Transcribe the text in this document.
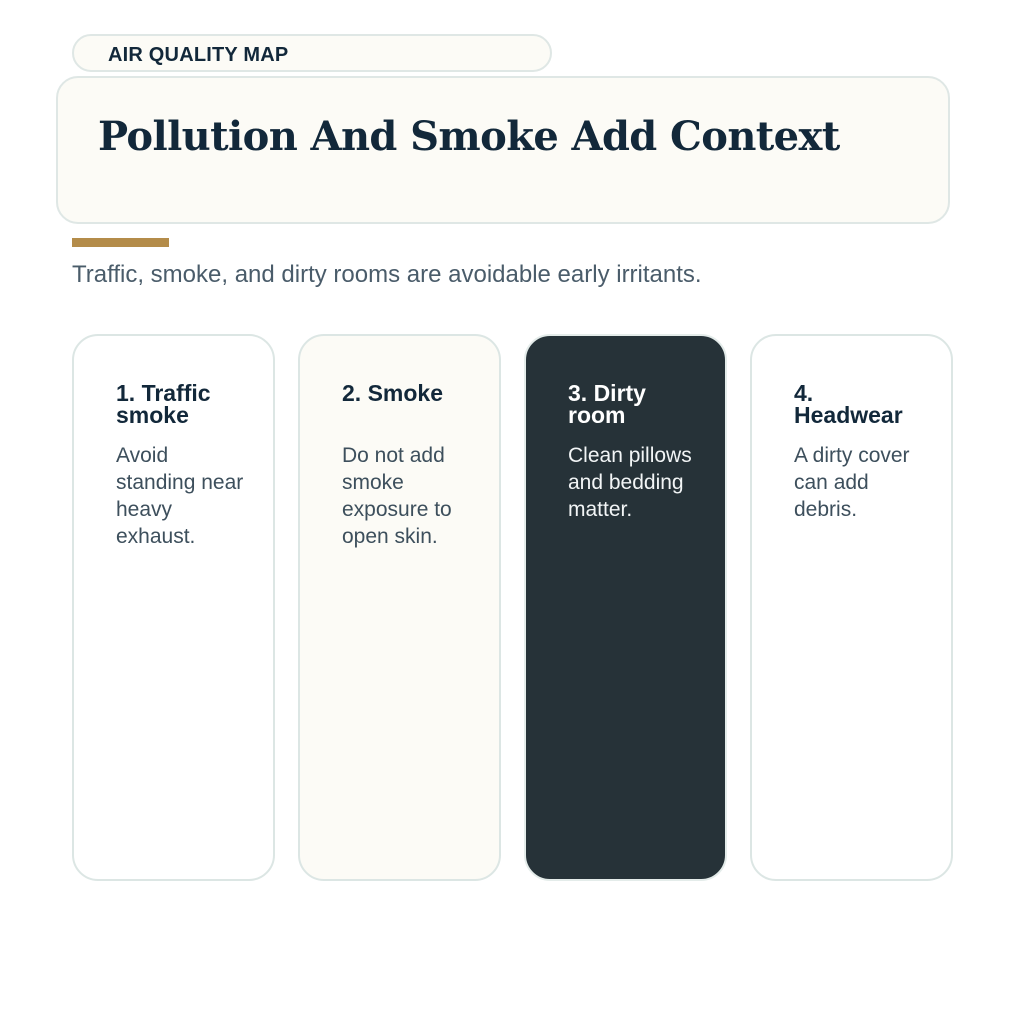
AIR QUALITY MAP
Pollution And Smoke Add Context
Traffic, smoke, and dirty rooms are avoidable early irritants.
1. Traffic smoke
Avoid standing near heavy exhaust.
2. Smoke
Do not add smoke exposure to open skin.
3. Dirty room
Clean pillows and bedding matter.
4. Headwear
A dirty cover can add debris.
